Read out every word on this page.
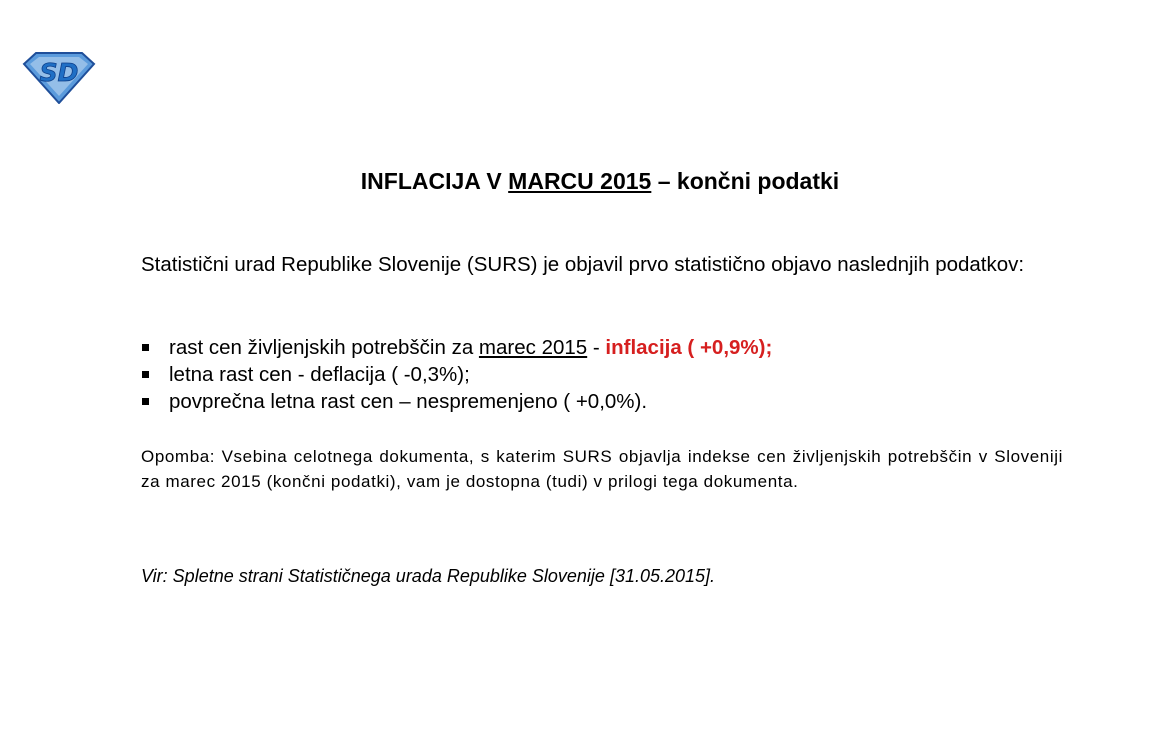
SD
INFLACIJA V MARCU 2015 – končni podatki
Statistični urad Republike Slovenije (SURS) je objavil prvo statistično objavo naslednjih podatkov:
rast cen življenjskih potrebščin za marec 2015 - inflacija ( +0,9%);
letna rast cen - deflacija ( -0,3%);
povprečna letna rast cen – nespremenjeno ( +0,0%).
Opomba: Vsebina celotnega dokumenta, s katerim SURS objavlja indekse cen življenjskih potrebščin v Sloveniji za marec 2015 (končni podatki), vam je dostopna (tudi) v prilogi tega dokumenta.
Vir: Spletne strani Statističnega urada Republike Slovenije [31.05.2015].
